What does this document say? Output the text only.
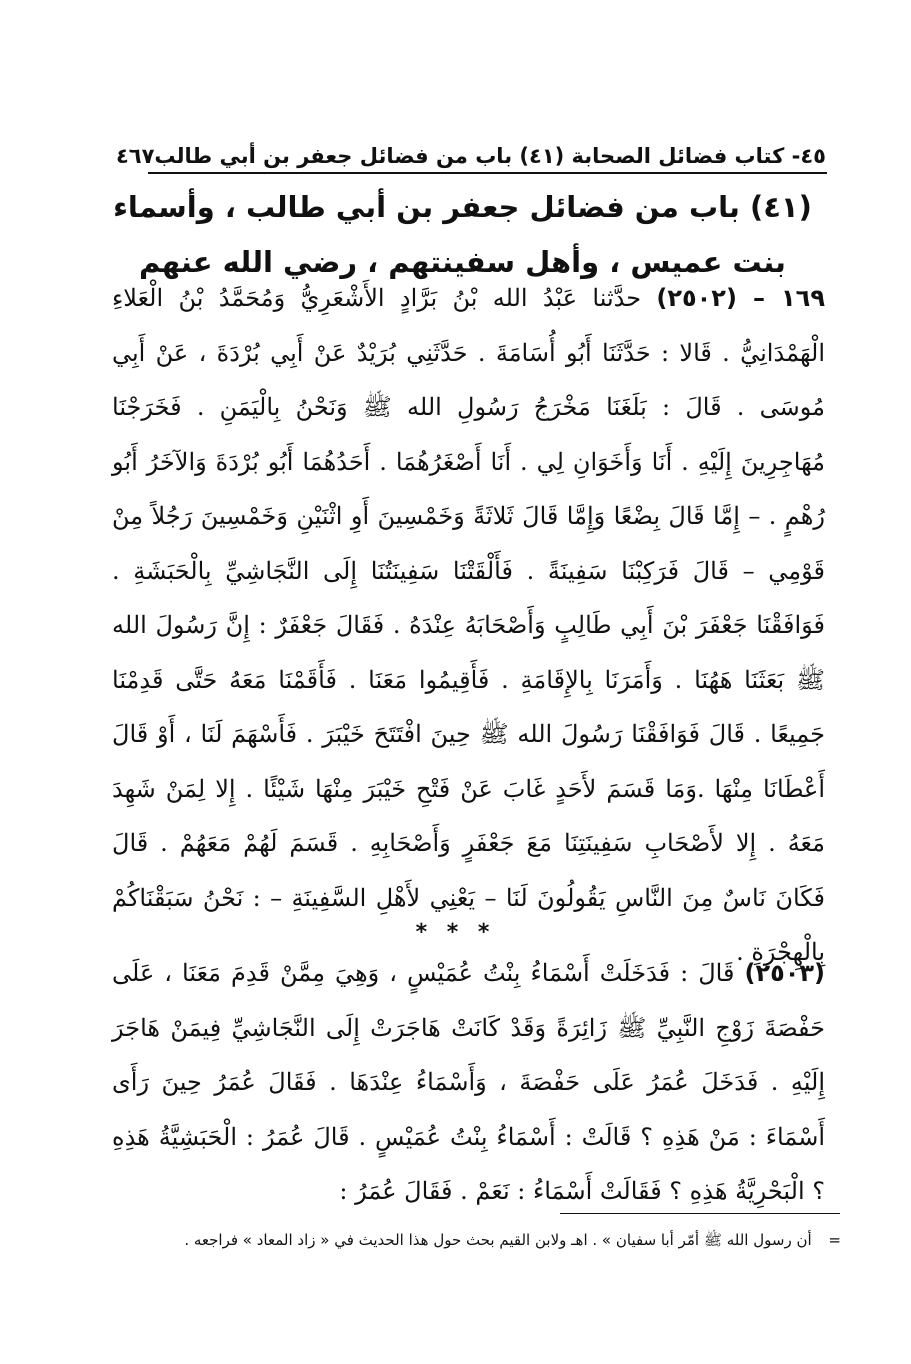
٤٥- كتاب فضائل الصحابة (٤١) باب من فضائل جعفر بن أبي طالب
٤٦٧
(٤١) باب من فضائل جعفر بن أبي طالب ، وأسماء بنت عميس ، وأهل سفينتهم ، رضي الله عنهم
١٦٩ – (٢٥٠٢) حدَّثنا عَبْدُ الله بْنُ بَرَّادٍ الأَشْعَرِيُّ وَمُحَمَّدُ بْنُ الْعَلاءِ الْهَمْدَانِيُّ . قَالا : حَدَّثَنَا أَبُو أُسَامَةَ . حَدَّثَنِي بُرَيْدٌ عَنْ أَبِي بُرْدَةَ ، عَنْ أَبِي مُوسَى . قَالَ : بَلَغَنَا مَخْرَجُ رَسُولِ الله ﷺ وَنَحْنُ بِالْيَمَنِ . فَخَرَجْنَا مُهَاجِرِينَ إِلَيْهِ . أَنَا وَأَخَوَانِ لِي . أَنَا أَصْغَرُهُمَا . أَحَدُهُمَا أَبُو بُرْدَةَ وَالآخَرُ أَبُو رُهْمٍ . – إِمَّا قَالَ بِضْعًا وَإِمَّا قَالَ ثَلاثَةً وَخَمْسِينَ أَوِ اثْنَيْنِ وَخَمْسِينَ رَجُلاً مِنْ قَوْمِي – قَالَ فَرَكِبْنَا سَفِينَةً . فَأَلْقَتْنَا سَفِينَتُنَا إِلَى النَّجَاشِيِّ بِالْحَبَشَةِ . فَوَافَقْنَا جَعْفَرَ بْنَ أَبِي طَالِبٍ وَأَصْحَابَهُ عِنْدَهُ . فَقَالَ جَعْفَرٌ : إِنَّ رَسُولَ الله ﷺ بَعَثَنَا هَهُنَا . وَأَمَرَنَا بِالإِقَامَةِ . فَأَقِيمُوا مَعَنَا . فَأَقَمْنَا مَعَهُ حَتَّى قَدِمْنَا جَمِيعًا . قَالَ فَوَافَقْنَا رَسُولَ الله ﷺ حِينَ افْتَتَحَ خَيْبَرَ . فَأَسْهَمَ لَنَا ، أَوْ قَالَ أَعْطَانَا مِنْهَا .وَمَا قَسَمَ لأَحَدٍ غَابَ عَنْ فَتْحِ خَيْبَرَ مِنْهَا شَيْئًا . إِلا لِمَنْ شَهِدَ مَعَهُ . إِلا لأَصْحَابِ سَفِينَتِنَا مَعَ جَعْفَرٍ وَأَصْحَابِهِ . قَسَمَ لَهُمْ مَعَهُمْ . قَالَ فَكَانَ نَاسٌ مِنَ النَّاسِ يَقُولُونَ لَنَا – يَعْنِي لأَهْلِ السَّفِينَةِ – : نَحْنُ سَبَقْنَاكُمْ بِالْهِجْرَةِ .
* * *
(٢٥٠٣) قَالَ : فَدَخَلَتْ أَسْمَاءُ بِنْتُ عُمَيْسٍ ، وَهِيَ مِمَّنْ قَدِمَ مَعَنَا ، عَلَى حَفْصَةَ زَوْجِ النَّبِيِّ ﷺ زَائِرَةً وَقَدْ كَانَتْ هَاجَرَتْ إِلَى النَّجَاشِيِّ فِيمَنْ هَاجَرَ إِلَيْهِ . فَدَخَلَ عُمَرُ عَلَى حَفْصَةَ ، وَأَسْمَاءُ عِنْدَهَا . فَقَالَ عُمَرُ حِينَ رَأَى أَسْمَاءَ : مَنْ هَذِهِ ؟ قَالَتْ : أَسْمَاءُ بِنْتُ عُمَيْسٍ . قَالَ عُمَرُ : الْحَبَشِيَّةُ هَذِهِ ؟ الْبَحْرِيَّةُ هَذِهِ ؟ فَقَالَتْ أَسْمَاءُ : نَعَمْ . فَقَالَ عُمَرُ :
= أن رسول الله ﷺ أمّر أبا سفيان » . اهـ ولابن القيم بحث حول هذا الحديث في « زاد المعاد » فراجعه .
